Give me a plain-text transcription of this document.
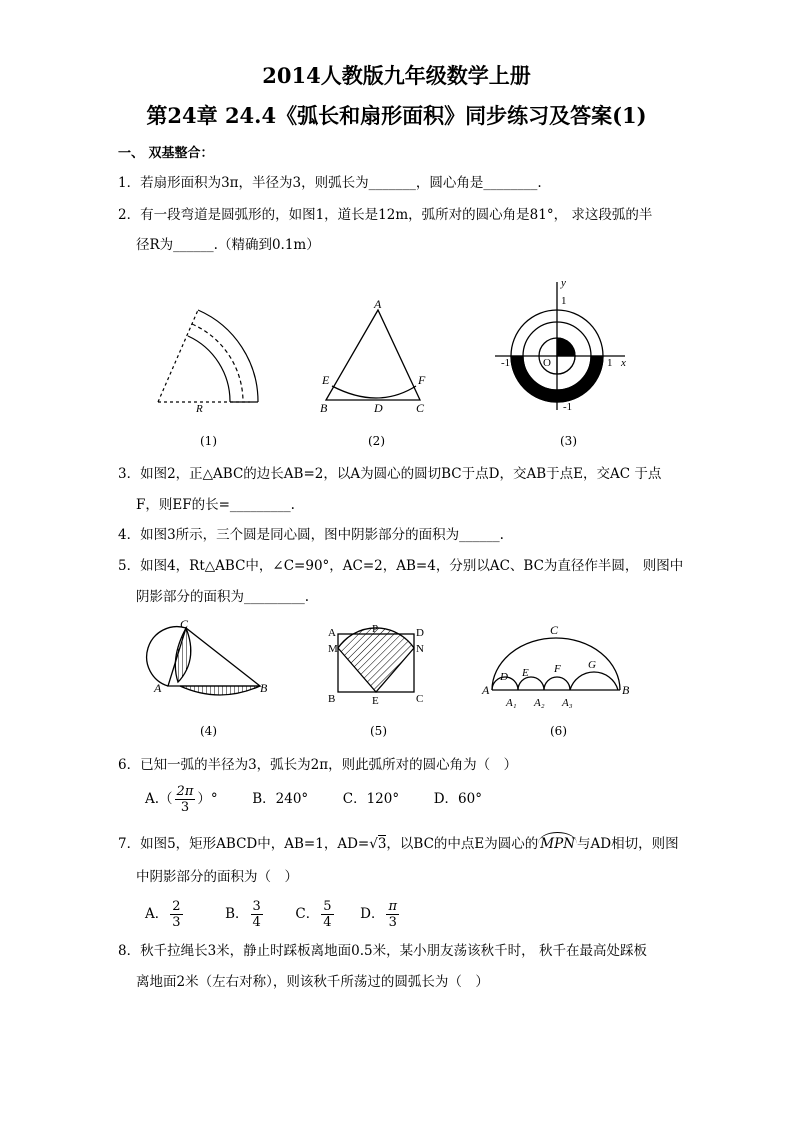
2014人教版九年级数学上册
第24章 24.4《弧长和扇形面积》同步练习及答案(1)
一、 双基整合：
1．若扇形面积为3π，半径为3，则弧长为_______，圆心角是________.
2．有一段弯道是圆弧形的，如图1，道长是12m，弧所对的圆心角是81°， 求这段弧的半
径R为______.（精确到0.1m）
R
A
E	F
B	D	C
y
1
-1	O	1 x
-1
(1)	(2)	(3)
3．如图2，正△ABC的边长AB=2，以A为圆心的圆切BC于点D，交AB于点E，交AC 于点
F，则EF的长=_________.
4．如图3所示，三个圆是同心圆，图中阴影部分的面积为______.
5．如图4，Rt△ABC中，∠C=90°，AC=2，AB=4，分别以AC、BC为直径作半圆， 则图中
阴影部分的面积为_________.
C
A	B
A	P	D
M	N
B	E	C
C
D E F G
A	B
A₁ A₂ A₃
(4)	(5)	(6)
6．已知一弧的半径为3，弧长为2π，则此弧所对的圆心角为（　）
$A.( \frac{2\pi}{3}$ ）°	B．240°	C．120°	D．60°
7．如图5，矩形ABCD中，AB=1，AD=√3，以BC的中点E为圆心的 MPN 与AD相切，则图
中阴影部分的面积为（　）
A． $\frac{2}{3}$	B． $\frac{3}{4}$ C． $\frac{5}{4}$ D． $\frac{\pi}{3}$
8．秋千拉绳长3米，静止时踩板离地面0.5米，某小朋友荡该秋千时， 秋千在最高处踩板
离地面2米（左右对称），则该秋千所荡过的圆弧长为（　）
